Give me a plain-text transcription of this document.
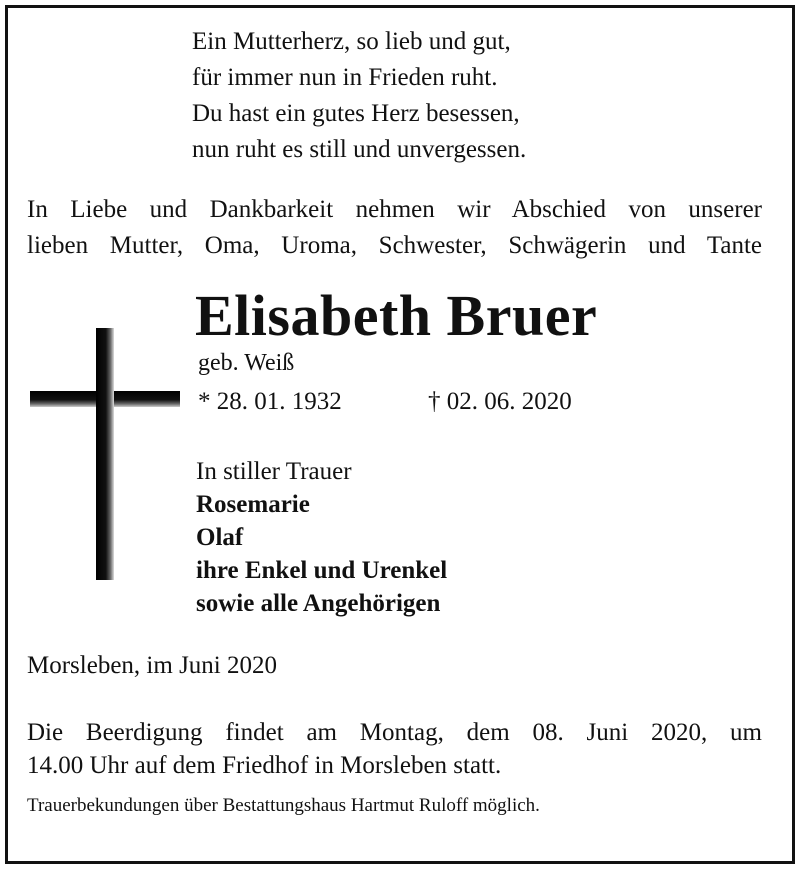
Ein Mutterherz, so lieb und gut,
für immer nun in Frieden ruht.
Du hast ein gutes Herz besessen,
nun ruht es still und unvergessen.
In Liebe und Dankbarkeit nehmen wir Abschied von unserer
lieben Mutter, Oma, Uroma, Schwester, Schwägerin und Tante
Elisabeth Bruer
geb. Weiß
* 28. 01. 1932	† 02. 06. 2020
In stiller Trauer
Rosemarie
Olaf
ihre Enkel und Urenkel
sowie alle Angehörigen
Morsleben, im Juni 2020
Die Beerdigung findet am Montag, dem 08. Juni 2020, um
14.00 Uhr auf dem Friedhof in Morsleben statt.
Trauerbekundungen über Bestattungshaus Hartmut Ruloff möglich.
